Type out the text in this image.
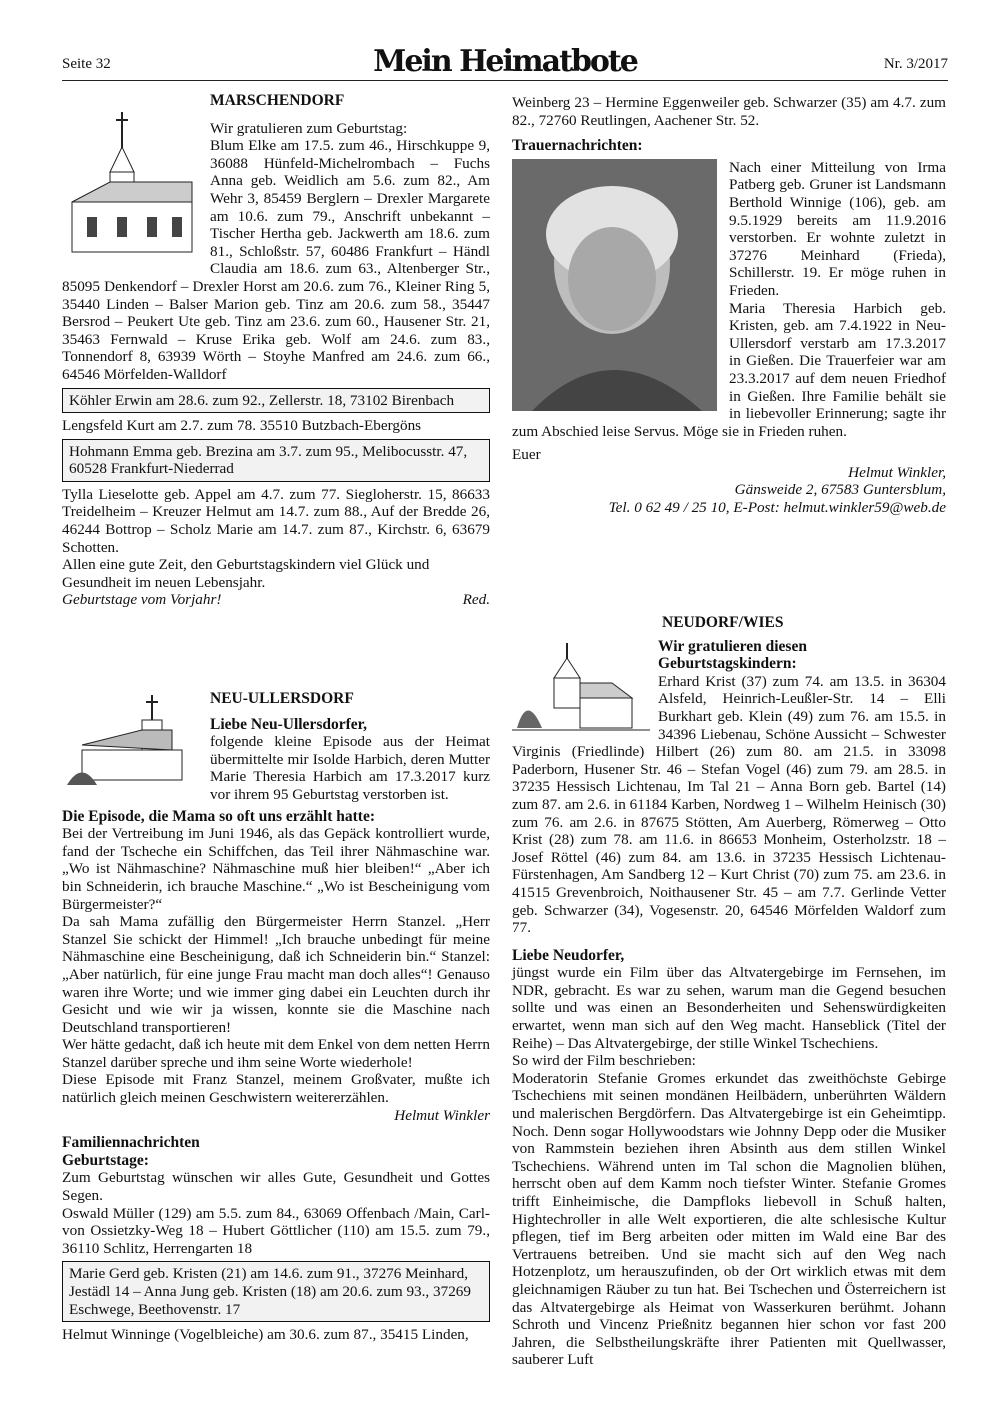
Seite 32	Mein Heimatbote	Nr. 3/2017

MARSCHENDORF

Wir gratulieren zum Geburtstag:

Blum Elke am 17.5. zum 46., Hirschkuppe 9, 36088 Hünfeld-Michelrombach – Fuchs Anna geb. Weidlich am 5.6. zum 82., Am Wehr 3, 85459 Berglern – Drexler Margarete am 10.6. zum 79., Anschrift unbekannt – Tischer Hertha geb. Jackwerth am 18.6. zum 81., Schloßstr. 57, 60486 Frankfurt – Händl Claudia am 18.6. zum 63., Altenberger Str., 85095 Denkendorf – Drexler Horst am 20.6. zum 76., Kleiner Ring 5, 35440 Linden – Balser Marion geb. Tinz am 20.6. zum 58., 35447 Bersrod – Peukert Ute geb. Tinz am 23.6. zum 60., Hausener Str. 21, 35463 Fernwald – Kruse Erika geb. Wolf am 24.6. zum 83., Tonnendorf 8, 63939 Wörth – Stoyhe Manfred am 24.6. zum 66., 64546 Mörfelden-Walldorf

Köhler Erwin am 28.6. zum 92., Zellerstr. 18, 73102 Birenbach

Lengsfeld Kurt am 2.7. zum 78. 35510 Butzbach-Ebergöns

Hohmann Emma geb. Brezina am 3.7. zum 95., Melibocusstr. 47, 60528 Frankfurt-Niederrad

Tylla Lieselotte geb. Appel am 4.7. zum 77. Siegloherstr. 15, 86633 Treidelheim – Kreuzer Helmut am 14.7. zum 88., Auf der Bredde 26, 46244 Bottrop – Scholz Marie am 14.7. zum 87., Kirchstr. 6, 63679 Schotten.

Allen eine gute Zeit, den Geburtstagskindern viel Glück und Gesundheit im neuen Lebensjahr.

Geburtstage vom Vorjahr!	Red.

NEU-ULLERSDORF

Liebe Neu-Ullersdorfer,

folgende kleine Episode aus der Heimat übermittelte mir Isolde Harbich, deren Mutter Marie Theresia Harbich am 17.3.2017 kurz vor ihrem 95 Geburtstag verstorben ist.

Die Episode, die Mama so oft uns erzählt hatte:

Bei der Vertreibung im Juni 1946, als das Gepäck kontrolliert wurde, fand der Tscheche ein Schiffchen, das Teil ihrer Nähmaschine war. „Wo ist Nähmaschine? Nähmaschine muß hier bleiben!“ „Aber ich bin Schneiderin, ich brauche Maschine.“ „Wo ist Bescheinigung vom Bürgermeister?“

Da sah Mama zufällig den Bürgermeister Herrn Stanzel. „Herr Stanzel Sie schickt der Himmel! „Ich brauche unbedingt für meine Nähmaschine eine Bescheinigung, daß ich Schneiderin bin.“ Stanzel: „Aber natürlich, für eine junge Frau macht man doch alles“! Genauso waren ihre Worte; und wie immer ging dabei ein Leuchten durch ihr Gesicht und wie wir ja wissen, konnte sie die Maschine nach Deutschland transportieren!

Wer hätte gedacht, daß ich heute mit dem Enkel von dem netten Herrn Stanzel darüber spreche und ihm seine Worte wiederhole!

Diese Episode mit Franz Stanzel, meinem Großvater, mußte ich natürlich gleich meinen Geschwistern weitererzählen.

Helmut Winkler

Familiennachrichten

Geburtstage:

Zum Geburtstag wünschen wir alles Gute, Gesundheit und Gottes Segen.

Oswald Müller (129) am 5.5. zum 84., 63069 Offenbach /Main, Carl-von Ossietzky-Weg 18 – Hubert Göttlicher (110) am 15.5. zum 79., 36110 Schlitz, Herrengarten 18

Marie Gerd geb. Kristen (21) am 14.6. zum 91., 37276 Meinhard, Jestädl 14 – Anna Jung geb. Kristen (18) am 20.6. zum 93., 37269 Eschwege, Beethovenstr. 17

Helmut Winninge (Vogelbleiche) am 30.6. zum 87., 35415 Linden,

Weinberg 23 – Hermine Eggenweiler geb. Schwarzer (35) am 4.7. zum 82., 72760 Reutlingen, Aachener Str. 52.

Trauernachrichten:

Nach einer Mitteilung von Irma Patberg geb. Gruner ist Landsmann Berthold Winnige (106), geb. am 9.5.1929 bereits am 11.9.2016 verstorben. Er wohnte zuletzt in 37276 Meinhard (Frieda), Schillerstr. 19. Er möge ruhen in Frieden.

Maria Theresia Harbich geb. Kristen, geb. am 7.4.1922 in Neu-Ullersdorf verstarb am 17.3.2017 in Gießen. Die Trauerfeier war am 23.3.2017 auf dem neuen Friedhof in Gießen. Ihre Familie behält sie in liebevoller Erinnerung; sagte ihr zum Abschied leise Servus. Möge sie in Frieden ruhen.

Euer

Helmut Winkler,

Gänsweide 2, 67583 Guntersblum,

Tel. 0 62 49 / 25 10, E-Post: helmut.winkler59@web.de

NEUDORF/WIES

Wir gratulieren diesen Geburtstagskindern:

Erhard Krist (37) zum 74. am 13.5. in 36304 Alsfeld, Heinrich-Leußler-Str. 14 – Elli Burkhart geb. Klein (49) zum 76. am 15.5. in 34396 Liebenau, Schöne Aussicht – Schwester Virginis (Friedlinde) Hilbert (26) zum 80. am 21.5. in 33098 Paderborn, Husener Str. 46 – Stefan Vogel (46) zum 79. am 28.5. in 37235 Hessisch Lichtenau, Im Tal 21 – Anna Born geb. Bartel (14) zum 87. am 2.6. in 61184 Karben, Nordweg 1 – Wilhelm Heinisch (30) zum 76. am 2.6. in 87675 Stötten, Am Auerberg, Römerweg – Otto Krist (28) zum 78. am 11.6. in 86653 Monheim, Osterholzstr. 18 – Josef Röttel (46) zum 84. am 13.6. in 37235 Hessisch Lichtenau-Fürstenhagen, Am Sandberg 12 – Kurt Christ (70) zum 75. am 23.6. in 41515 Grevenbroich, Noithausener Str. 45 – am 7.7. Gerlinde Vetter geb. Schwarzer (34), Vogesenstr. 20, 64546 Mörfelden Waldorf zum 77.

Liebe Neudorfer,

jüngst wurde ein Film über das Altvatergebirge im Fernsehen, im NDR, gebracht. Es war zu sehen, warum man die Gegend besuchen sollte und was einen an Besonderheiten und Sehenswürdigkeiten erwartet, wenn man sich auf den Weg macht. Hanseblick (Titel der Reihe) – Das Altvatergebirge, der stille Winkel Tschechiens.

So wird der Film beschrieben:

Moderatorin Stefanie Gromes erkundet das zweithöchste Gebirge Tschechiens mit seinen mondänen Heilbädern, unberührten Wäldern und malerischen Bergdörfern. Das Altvatergebirge ist ein Geheimtipp. Noch. Denn sogar Hollywoodstars wie Johnny Depp oder die Musiker von Rammstein beziehen ihren Absinth aus dem stillen Winkel Tschechiens. Während unten im Tal schon die Magnolien blühen, herrscht oben auf dem Kamm noch tiefster Winter. Stefanie Gromes trifft Einheimische, die Dampfloks liebevoll in Schuß halten, Hightechroller in alle Welt exportieren, die alte schlesische Kultur pflegen, tief im Berg arbeiten oder mitten im Wald eine Bar des Vertrauens betreiben. Und sie macht sich auf den Weg nach Hotzenplotz, um herauszufinden, ob der Ort wirklich etwas mit dem gleichnamigen Räuber zu tun hat. Bei Tschechen und Österreichern ist das Altvatergebirge als Heimat von Wasserkuren berühmt. Johann Schroth und Vincenz Prießnitz begannen hier schon vor fast 200 Jahren, die Selbstheilungskräfte ihrer Patienten mit Quellwasser, sauberer Luft
